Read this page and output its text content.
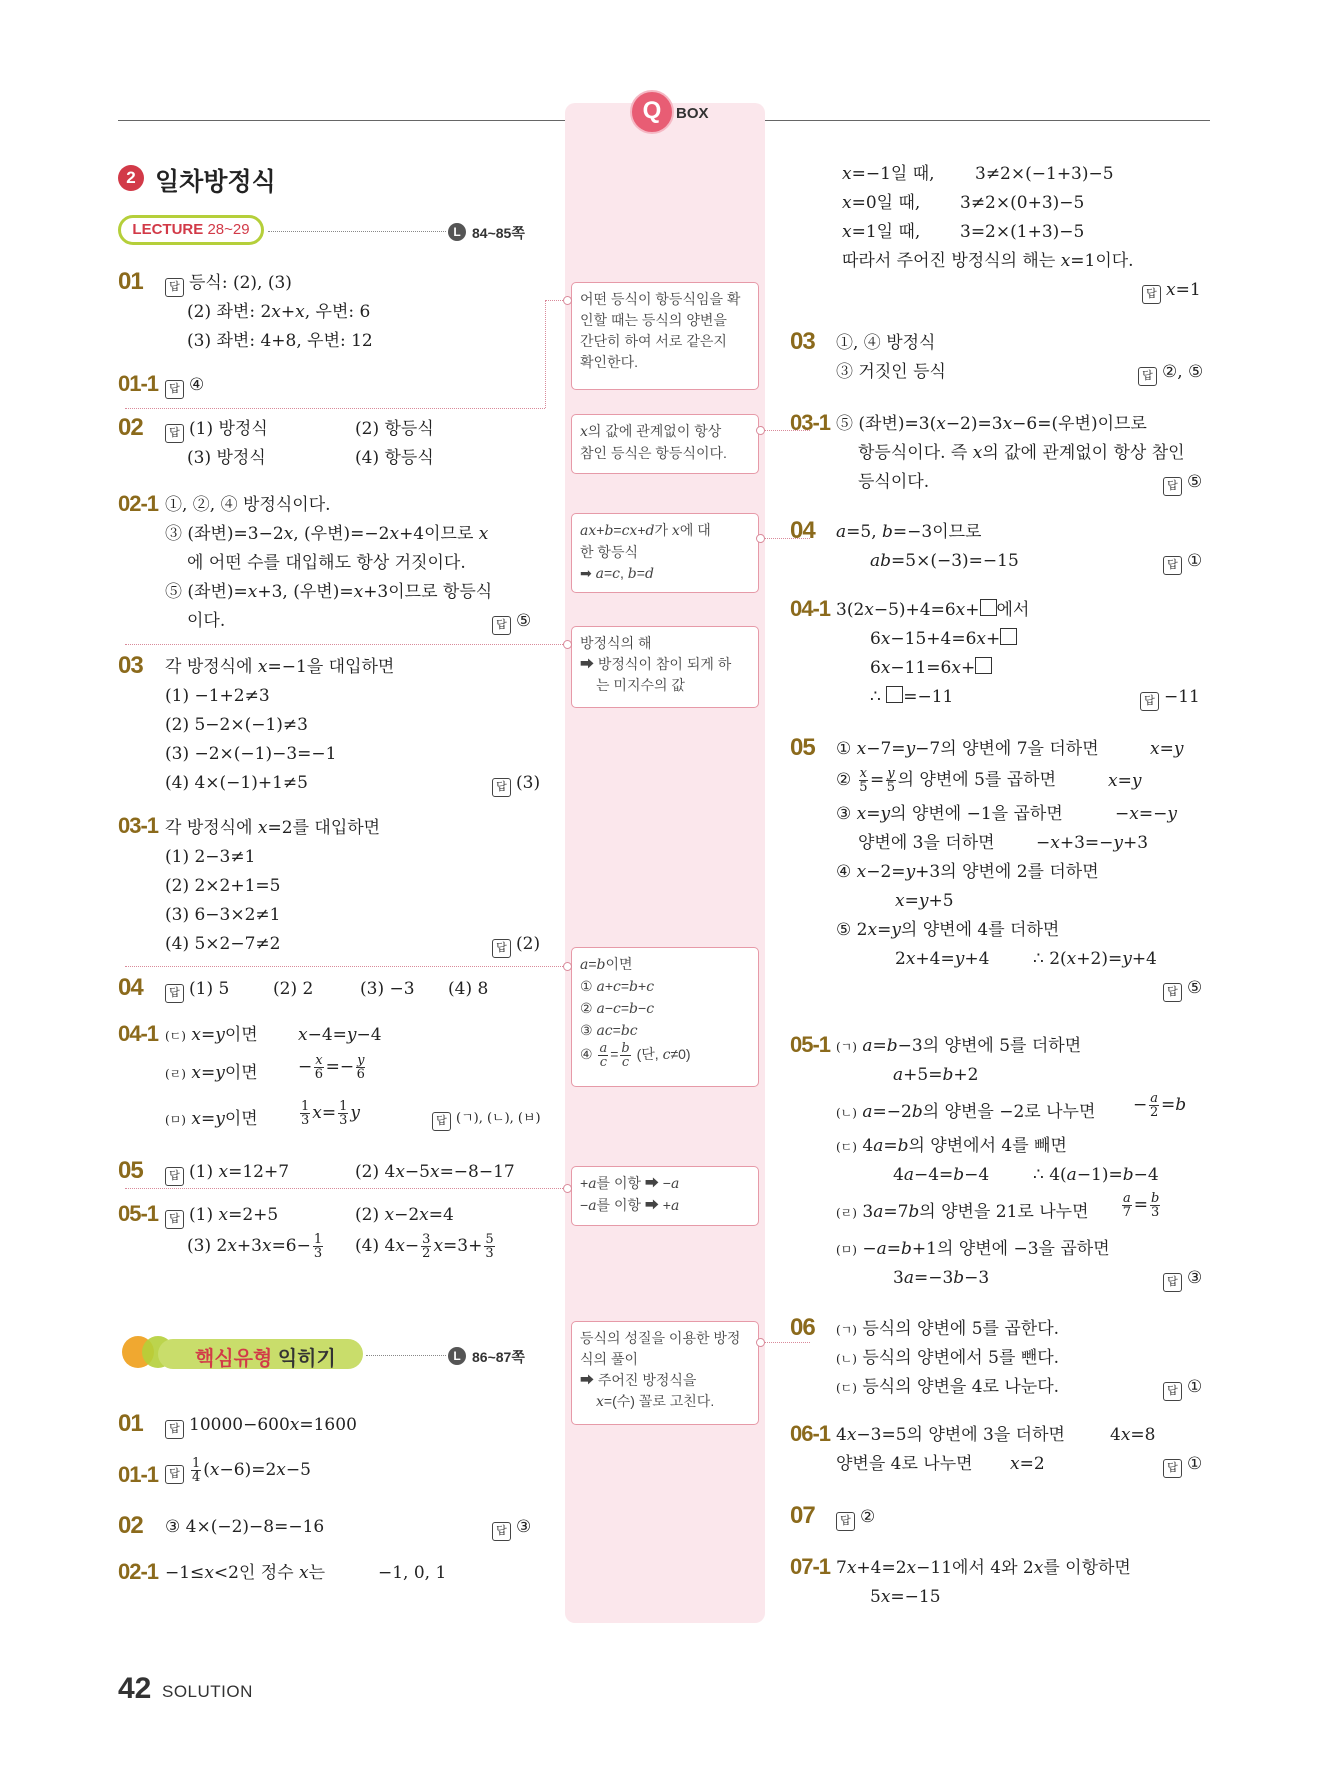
Q BOX
2 일차방정식
LECTURE 28~29	L 84~85쪽
01	답 등식: (2), (3)
(2) 좌변: 2x+x, 우변: 6
(3) 좌변: 4+8, 우변: 12
01-1	답 ④
02	답 (1) 방정식	(2) 항등식
(3) 방정식	(4) 항등식
02-1 ①, ②, ④ 방정식이다.
③ (좌변)=3−2x, (우변)=−2x+4이므로 x
에 어떤 수를 대입해도 항상 거짓이다.
⑤ (좌변)=x+3, (우변)=x+3이므로 항등식
이다.	답 ⑤
03 각 방정식에 x=−1을 대입하면
(1) −1+2≠3
(2) 5−2×(−1)≠3
(3) −2×(−1)−3=−1
(4) 4×(−1)+1≠5	답 (3)
03-1 각 방정식에 x=2를 대입하면
(1) 2−3≠1
(2) 2×2+1=5
(3) 6−3×2≠1
(4) 5×2−7≠2	답 (2)
04	답 (1) 5	(2) 2	(3) −3 (4) 8
04-1 (ㄷ) x=y이면 x−4=y−4
(ㄹ) x=y이면 − $\frac{x}{6} =- \frac{y}{6}$
(ㅁ) x=y이면	$\frac{1}{3} x= \frac{1}{3}$ y	답 (ㄱ), (ㄴ), (ㅂ)
05	답 (1) x=12+7	(2) 4x−5x=−8−17
05-1	답 (1) x=2+5	(2) x−2x=4
(3) $2x+3x=6- \frac{1}{3} (4)$ $4x- \frac{3}{2} x=3+ \frac{5}{3}$
핵심유형 익히기	L 86~87쪽
01	답 10000−600x=1600
01-1	답 $\frac{1}{4} (x-6)=2x-5$
02 ③ 4×(−2)−8=−16	답 ③
02-1 −1≤x<2인 정수 x는	−1, 0, 1
어떤 등식이 항등식임을 확
인할 때는 등식의 양변을
간단히 하여 서로 같은지
확인한다.
x의 값에 관계없이 항상
참인 등식은 항등식이다.
ax+b=cx+d가 x에 대
한 항등식
➡ a=c, b=d
방정식의 해
➡ 방정식이 참이 되게 하
는 미지수의 값
a=b이면
① a+c=b+c
② a−c=b−c
③ ac=bc
④ $\frac{a}{c} = \frac{b}{c}$ (단, c≠0)
+a를 이항 ➡ −a
−a를 이항 ➡ +a
등식의 성질을 이용한 방정
식의 풀이
➡ 주어진 방정식을
x=(수) 꼴로 고친다.
x=−1일 때, 3≠2×(−1+3)−5
x=0일 때, 3≠2×(0+3)−5
x=1일 때, 3=2×(1+3)−5
따라서 주어진 방정식의 해는 x=1이다.
답 x=1
03 ①, ④ 방정식
③ 거짓인 등식	답 ②, ⑤
03-1 ⑤ (좌변)=3(x−2)=3x−6=(우변)이므로
항등식이다. 즉 x의 값에 관계없이 항상 참인
등식이다.	답 ⑤
04 a=5, b=−3이므로
ab=5×(−3)=−15	답 ①
04-1 3(2x−5)+4=6x+ 에서
6x−15+4=6x+
6x−11=6x+
∴ =−11	답 −11
05 ① x−7=y−7의 양변에 7을 더하면	x=y
② $\frac{x}{5} = \frac{y}{5}$ 의 양변에 5를 곱하면	x=y
③ x=y의 양변에 −1을 곱하면	−x=−y
양변에 3을 더하면 −x+3=−y+3
④ x−2=y+3의 양변에 2를 더하면
x=y+5
⑤ 2x=y의 양변에 4를 더하면
2x+4=y+4	∴ 2(x+2)=y+4
답 ⑤
05-1 (ㄱ) a=b−3의 양변에 5를 더하면
a+5=b+2
(ㄴ) a=−2b의 양변을 −2로 나누면 − $\frac{a}{2} =b$
(ㄷ) 4a=b의 양변에서 4를 빼면
4a−4=b−4	∴ 4(a−1)=b−4
(ㄹ) 3a=7b의 양변을 21로 나누면	$\frac{a}{7} = \frac{b}{3}$
(ㅁ) −a=b+1의 양변에 −3을 곱하면
3a=−3b−3	답 ③
06 (ㄱ) 등식의 양변에 5를 곱한다.
(ㄴ) 등식의 양변에서 5를 뺀다.
(ㄷ) 등식의 양변을 4로 나눈다.	답 ①
06-1 4x−3=5의 양변에 3을 더하면	4x=8
양변을 4로 나누면 x=2	답 ①
07	답 ②
07-1 7x+4=2x−11에서 4와 2x를 이항하면
5x=−15
42 SOLUTION
